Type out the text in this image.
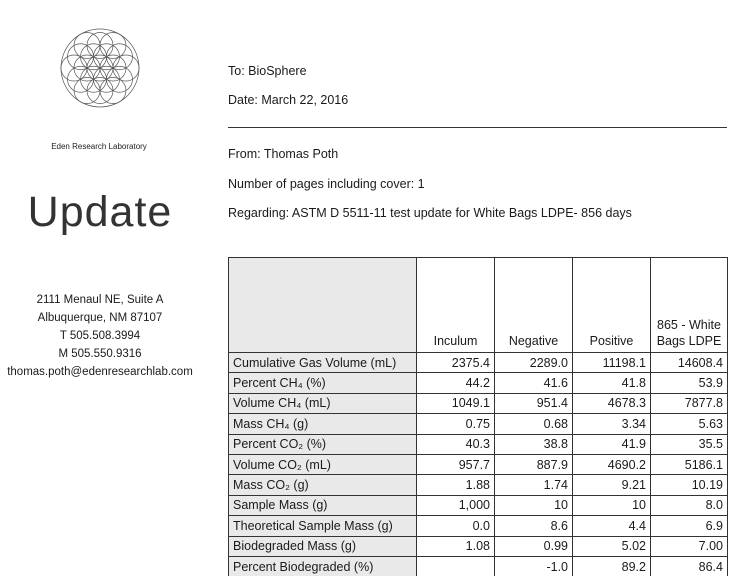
Eden Research Laboratory
Update
2111 Menaul NE, Suite A
Albuquerque, NM 87107
T 505.508.3994
M 505.550.9316
thomas.poth@edenresearchlab.com
To: BioSphere
Date: March 22, 2016
From: Thomas Poth
Number of pages including cover: 1
Regarding: ASTM D 5511-11 test update for White Bags LDPE- 856 days
	Inculum	Negative	Positive	865 - White Bags LDPE
Cumulative Gas Volume (mL)	2375.4	2289.0	11198.1	14608.4
Percent CH₄ (%)	44.2	41.6	41.8	53.9
Volume CH₄ (mL)	1049.1	951.4	4678.3	7877.8
Mass CH₄ (g)	0.75	0.68	3.34	5.63
Percent CO₂ (%)	40.3	38.8	41.9	35.5
Volume CO₂ (mL)	957.7	887.9	4690.2	5186.1
Mass CO₂ (g)	1.88	1.74	9.21	10.19
Sample Mass (g)	1,000	10	10	8.0
Theoretical Sample Mass (g)	0.0	8.6	4.4	6.9
Biodegraded Mass (g)	1.08	0.99	5.02	7.00
Percent Biodegraded (%)		-1.0	89.2	86.4
